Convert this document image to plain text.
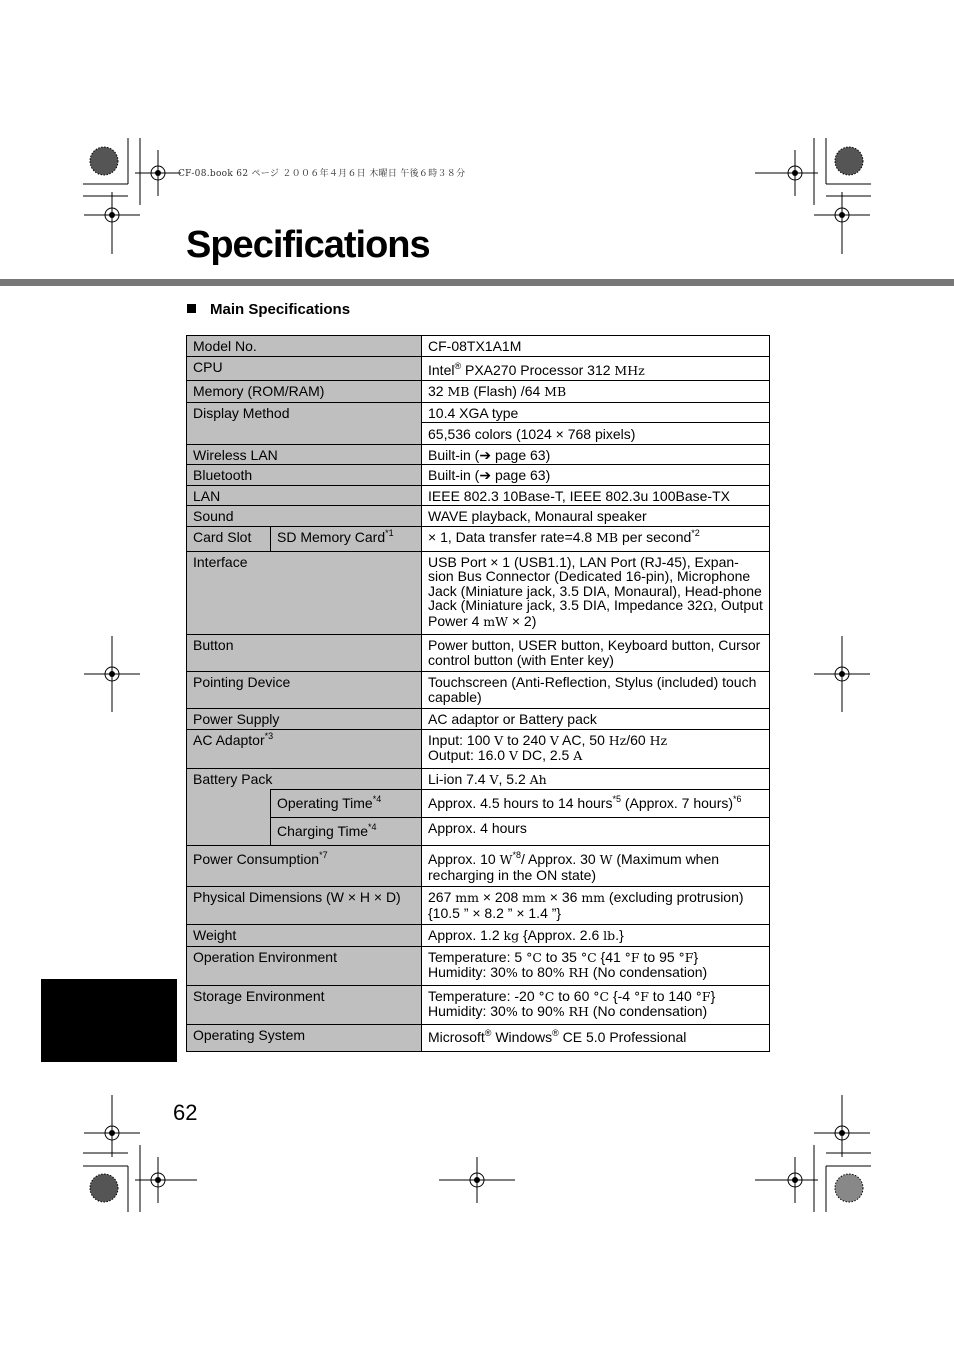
CF-08.book 62 ページ ２００６年４月６日 木曜日 午後６時３８分
Specifications
Main Specifications
Model No.		CF-08TX1A1M
CPU		Intel® PXA270 Processor 312 MHz
Memory (ROM/RAM)		32 MB (Flash) /64 MB
Display Method		10.4 XGA type
		65,536 colors (1024 × 768 pixels)
Wireless LAN		Built-in (➔ page 63)
Bluetooth		Built-in (➔ page 63)
LAN		IEEE 802.3 10Base-T, IEEE 802.3u 100Base-TX
Sound		WAVE playback, Monaural speaker
Card Slot	SD Memory Card$^{*1}$	× 1, Data transfer rate=4.8 MB per second$^{*2}$
Interface		USB Port × 1 (USB1.1), LAN Port (RJ-45), Expan-sion Bus Connector (Dedicated 16-pin), Microphone Jack (Miniature jack, 3.5 DIA, Monaural), Head-phone Jack (Miniature jack, 3.5 DIA, Impedance 32Ω, Output Power 4 mW × 2)
Button		Power button, USER button, Keyboard button, Cursor control button (with Enter key)
Pointing Device		Touchscreen (Anti-Reflection, Stylus (included) touch capable)
Power Supply		AC adaptor or Battery pack
AC Adaptor$^{*3}$		Input: 100 V to 240 V AC, 50 Hz/60 Hz
Output: 16.0 V DC, 2.5 A
Battery Pack		Li-ion 7.4 V, 5.2 Ah
	Operating Time$^{*4}$	Approx. 4.5 hours to 14 hours$^{*5}$ (Approx. 7 hours)$^{*6}$
	Charging Time$^{*4}$	Approx. 4 hours
Power Consumption$^{*7}$		Approx. 10 $W^{*8}/$ Approx. 30 W (Maximum when recharging in the ON state)
Physical Dimensions (W × H × D)		267 mm × 208 mm × 36 mm (excluding protrusion)
{10.5 ” × 8.2 ” × 1.4 ”}
Weight		Approx. 1.2 kg {Approx. 2.6 lb.}
Operation Environment		Temperature: 5 °C to 35 °C {41 °F to 95 °F}
Humidity: 30% to 80% RH (No condensation)
Storage Environment		Temperature: -20 °C to 60 °C {-4 °F to 140 °F}
Humidity: 30% to 90% RH (No condensation)
Operating System		Microsoft® Windows® CE 5.0 Professional
62
